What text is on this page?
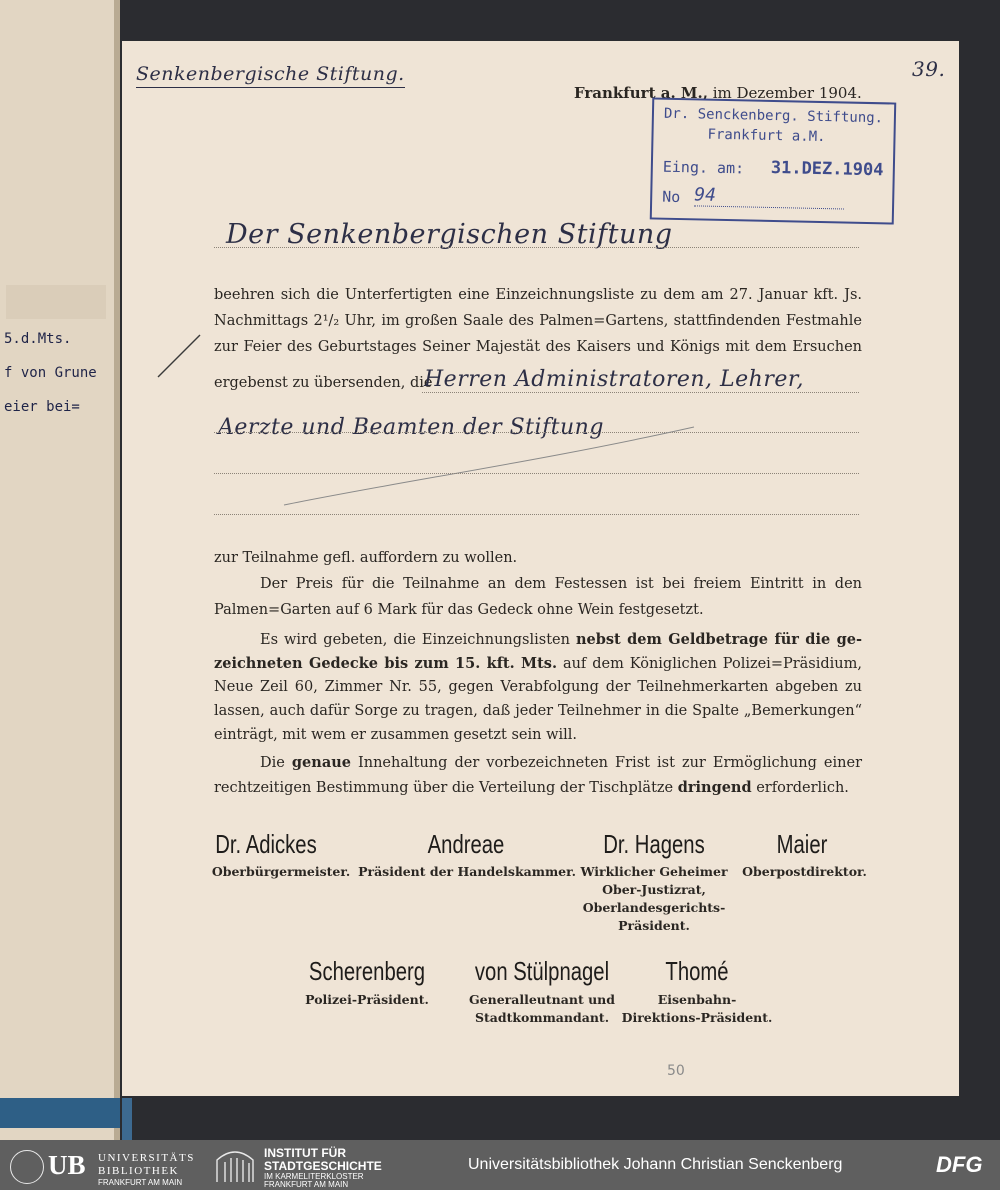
5.d.Mts.
f von Grune
eier bei=
Senkenbergische Stiftung.	39.
Frankfurt a. M., im Dezember 1904.
Dr. Senckenberg. Stiftung.
Frankfurt a.M.
Eing. am: 31.DEZ.1904
No 94
Der Senkenbergischen Stiftung
beehren sich die Unterfertigten eine Einzeichnungsliste zu dem am 27. Januar kft. Js.
Nachmittags 2¹/₂ Uhr, im großen Saale des Palmen=Gartens, stattfindenden Festmahle
zur Feier des Geburtstages Seiner Majestät des Kaisers und Königs mit dem Ersuchen
ergebenst zu übersenden, die
Herren Administratoren, Lehrer,
Aerzte und Beamten der Stiftung
zur Teilnahme gefl. auffordern zu wollen.
Der Preis für die Teilnahme an dem Festessen ist bei freiem Eintritt in den
Palmen=Garten auf 6 Mark für das Gedeck ohne Wein festgesetzt.
Es wird gebeten, die Einzeichnungslisten nebst dem Geldbetrage für die ge-
zeichneten Gedecke bis zum 15. kft. Mts. auf dem Königlichen Polizei=Präsidium,
Neue Zeil 60, Zimmer Nr. 55, gegen Verabfolgung der Teilnehmerkarten abgeben zu
lassen, auch dafür Sorge zu tragen, daß jeder Teilnehmer in die Spalte „Bemerkungen“
einträgt, mit wem er zusammen gesetzt sein will.
Die genaue Innehaltung der vorbezeichneten Frist ist zur Ermöglichung einer
rechtzeitigen Bestimmung über die Verteilung der Tischplätze dringend erforderlich.
Dr. Adickes
Oberbürgermeister.
Andreae
Präsident der Handelskammer.
Dr. Hagens
Wirklicher Geheimer
Ober-Justizrat,
Oberlandesgerichts-
Präsident.
Maier
Oberpostdirektor.
Scherenberg
Polizei-Präsident.
von Stülpnagel
Generalleutnant und
Stadtkommandant.
Thomé
Eisenbahn-
Direktions-Präsident.
50
UB UNIVERSITÄTS
BIBLIOTHEK
FRANKFURT AM MAIN
INSTITUT FÜR
STADTGESCHICHTE
IM KARMELITERKLOSTER
FRANKFURT AM MAIN
Universitätsbibliothek Johann Christian Senckenberg	DFG
